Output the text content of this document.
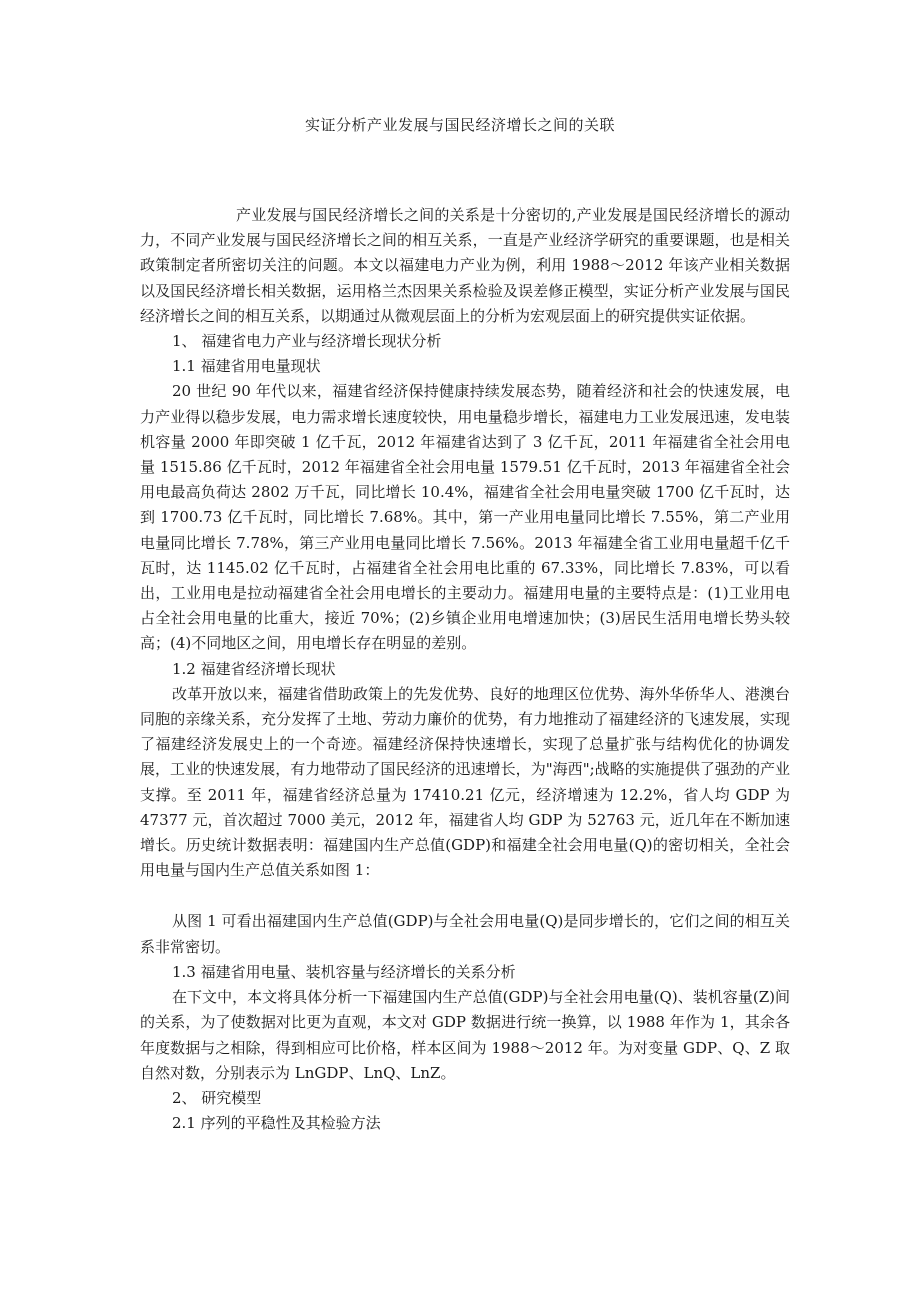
实证分析产业发展与国民经济增长之间的关联

产业发展与国民经济增长之间的关系是十分密切的,产业发展是国民经济增长的源动力，不同产业发展与国民经济增长之间的相互关系，一直是产业经济学研究的重要课题，也是相关政策制定者所密切关注的问题。本文以福建电力产业为例，利用 1988～2012 年该产业相关数据以及国民经济增长相关数据，运用格兰杰因果关系检验及误差修正模型，实证分析产业发展与国民经济增长之间的相互关系，以期通过从微观层面上的分析为宏观层面上的研究提供实证依据。

1、 福建省电力产业与经济增长现状分析

1.1 福建省用电量现状

20 世纪 90 年代以来，福建省经济保持健康持续发展态势，随着经济和社会的快速发展，电力产业得以稳步发展，电力需求增长速度较快，用电量稳步增长，福建电力工业发展迅速，发电装机容量 2000 年即突破 1 亿千瓦，2012 年福建省达到了 3 亿千瓦，2011 年福建省全社会用电量 1515.86 亿千瓦时，2012 年福建省全社会用电量 1579.51 亿千瓦时，2013 年福建省全社会用电最高负荷达 2802 万千瓦，同比增长 10.4%，福建省全社会用电量突破 1700 亿千瓦时，达到 1700.73 亿千瓦时，同比增长 7.68%。其中，第一产业用电量同比增长 7.55%，第二产业用电量同比增长 7.78%，第三产业用电量同比增长 7.56%。2013 年福建全省工业用电量超千亿千瓦时，达 1145.02 亿千瓦时，占福建省全社会用电比重的 67.33%，同比增长 7.83%，可以看出，工业用电是拉动福建省全社会用电增长的主要动力。福建用电量的主要特点是：(1)工业用电占全社会用电量的比重大，接近 70%；(2)乡镇企业用电增速加快；(3)居民生活用电增长势头较高；(4)不同地区之间，用电增长存在明显的差别。

1.2 福建省经济增长现状

改革开放以来，福建省借助政策上的先发优势、良好的地理区位优势、海外华侨华人、港澳台同胞的亲缘关系，充分发挥了土地、劳动力廉价的优势，有力地推动了福建经济的飞速发展，实现了福建经济发展史上的一个奇迹。福建经济保持快速增长，实现了总量扩张与结构优化的协调发展，工业的快速发展，有力地带动了国民经济的迅速增长，为"海西";战略的实施提供了强劲的产业支撑。至 2011 年，福建省经济总量为 17410.21 亿元，经济增速为 12.2%，省人均 GDP 为 47377 元，首次超过 7000 美元，2012 年，福建省人均 GDP 为 52763 元，近几年在不断加速增长。历史统计数据表明：福建国内生产总值(GDP)和福建全社会用电量(Q)的密切相关，全社会用电量与国内生产总值关系如图 1：

从图 1 可看出福建国内生产总值(GDP)与全社会用电量(Q)是同步增长的，它们之间的相互关系非常密切。

1.3 福建省用电量、装机容量与经济增长的关系分析

在下文中，本文将具体分析一下福建国内生产总值(GDP)与全社会用电量(Q)、装机容量(Z)间的关系，为了使数据对比更为直观，本文对 GDP 数据进行统一换算，以 1988 年作为 1，其余各年度数据与之相除，得到相应可比价格，样本区间为 1988～2012 年。为对变量 GDP、Q、Z 取自然对数，分别表示为 LnGDP、LnQ、LnZ。

2、 研究模型

2.1 序列的平稳性及其检验方法
